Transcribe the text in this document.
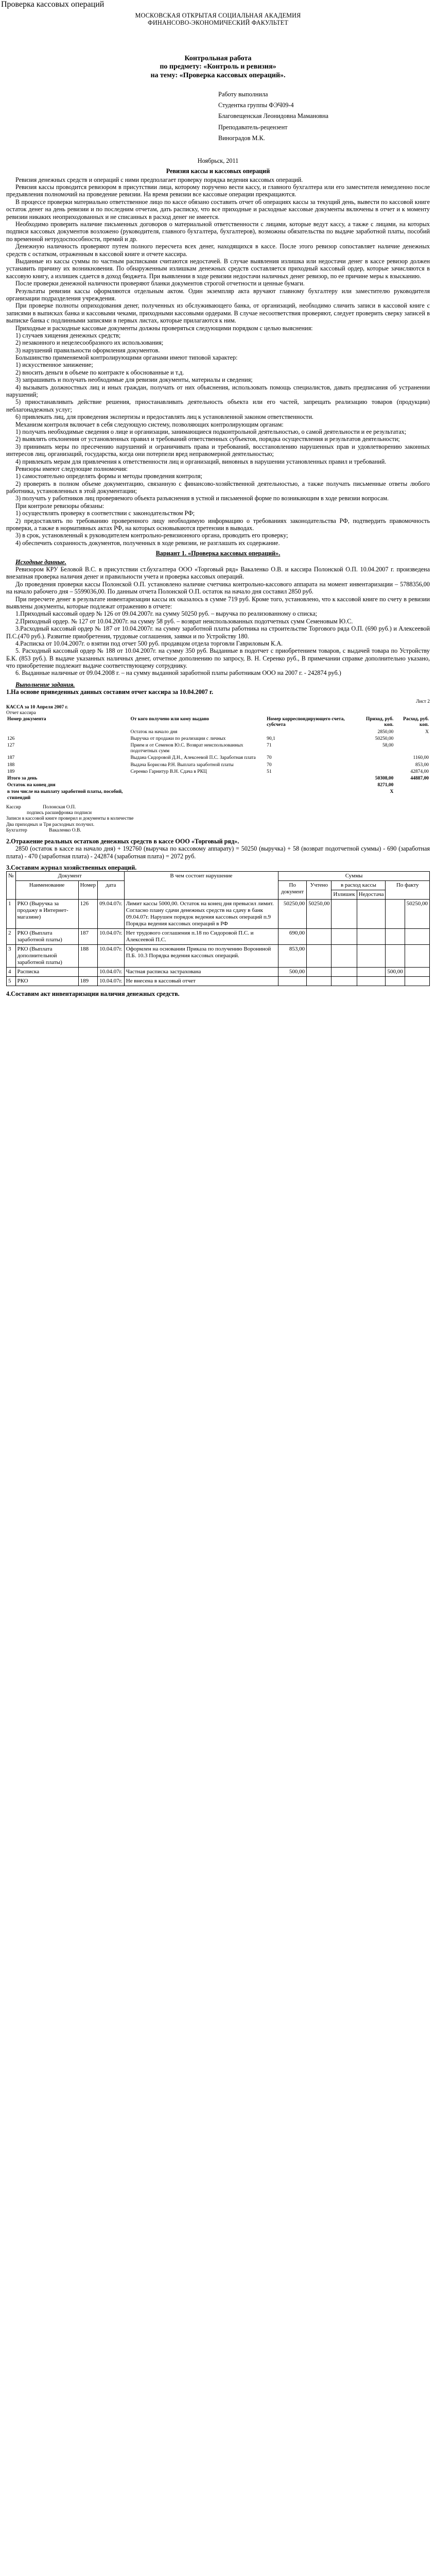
Проверка кассовых операций
МОСКОВСКАЯ ОТКРЫТАЯ СОЦИАЛЬНАЯ АКАДЕМИЯ
ФИНАНСОВО-ЭКОНОМИЧЕСКИЙ ФАКУЛЬТЕТ

Контрольная работа

по предмету: «Контроль и ревизия»

на тему: «Проверка кассовых операций».

Работу выполнила
Студентка группы ФЭЧ09-4
Благовещенская Леонидовна Мамановна
Преподаватель-рецензент
Виноградов М.К.
Ноябрьск, 2011
Ревизия кассы и кассовых операций

Ревизия денежных средств и операций с ними предполагает проверку порядка ведения кассовых операций.

Ревизия кассы проводится ревизором в присутствии лица, которому поручено вести кассу, и главного бухгалтера или его заместителя немедленно после предъявления полномочий на проведение ревизии. На время ревизии все кассовые операции прекращаются.

В процессе проверки материально ответственное лицо по кассе обязано составить отчет об операциях кассы за текущий день, вывести по кассовой книге остаток денег на день ревизии и по последним отчетам, дать расписку, что все приходные и расходные кассовые документы включены в отчет и к моменту ревизии никаких неоприходованных и не списанных в расход денег не имеется.

Необходимо проверить наличие письменных договоров о материальной ответственности с лицами, которые ведут кассу, а также с лицами, на которых подписи кассовых документов возложено (руководителя, главного бухгалтера, бухгалтеров), возможны обязательства по выдаче заработной платы, пособий по временной нетрудоспособности, премий и др.

Денежную наличность проверяют путем полного пересчета всех денег, находящихся в кассе. После этого ревизор сопоставляет наличие денежных средств с остатком, отраженным в кассовой книге и отчете кассира.

Выданные из кассы суммы по частным расписками считаются недостачей. В случае выявления излишка или недостачи денег в кассе ревизор должен устанавить причину их возникновения. По обнаруженным излишкам денежных средств составляется приходный кассовый ордер, которые зачисляются в кассовую книгу, а излишек сдается в доход бюджета. При выявлении в ходе ревизии недостачи наличных денег ревизор, по ее причине меры к взысканию.

После проверки денежной наличности проверяют бланки документов строгой отчетности и ценные бумаги.

Результаты ревизии кассы оформляются отдельным актом. Один экземпляр акта вручают главному бухгалтеру или заместителю руководителя организации подразделения учреждения.

При проверке полноты оприходования денег, полученных из обслуживающего банка, от организаций, необходимо сличить записи в кассовой книге с записями в выписках банка и кассовыми чеками, приходными кассовыми ордерами. В случае несоответствия проверяют, следует проверить сверку записей в выписке банка с подлинными записями в первых листах, которые прилагаются к ним.

Приходные и расходные кассовые документы должны проверяться следующими порядком с целью выяснения:

1) случаев хищения денежных средств;

2) незаконного и нецелесообразного их использования;

3) нарушений правильности оформления документов.

Большинство применяемой контролирующими органами имеют типовой характер:

1) искусственное занижение;

2) вносить деньги в объеме по контракте к обоснованные и т.д.

3) запрашивать и получать необходимые для ревизии документы, материалы и сведения;

4) вызывать должностных лиц и иных граждан, получать от них объяснения, использовать помощь специалистов, давать предписания об устранении нарушений;

5) приостанавливать действие решения, приостанавливать деятельность объекта или его частей, запрещать реализацию товаров (продукции) неблагонадежных услуг;

6) привлекать лиц, для проведения экспертизы и предоставлять лиц к установленной законом ответственности.

Механизм контроля включает в себя следующую систему, позволяющих контролирующим органам:

1) получать необходимые сведения о лице и организации, занимающиеся подконтрольной деятельностью, о самой деятельности и ее результатах;

2) выявлять отклонения от установленных правил и требований ответственных субъектов, порядка осуществления и результатов деятельности;

3) принимать меры по пресечению нарушений и ограничивать права и требований, восстановлению нарушенных прав и удовлетворению законных интересов лиц, организаций, государства, когда они потерпели вред неправомерной деятельностью;

4) привлекать мерам для привлечения к ответственности лиц и организаций, виновных в нарушении установленных правил и требований.

Ревизоры имеют следующие полномочия:

1) самостоятельно определять формы и методы проведения контроля;

2) проверять в полном объеме документацию, связанную с финансово-хозяйственной деятельностью, а также получать письменные ответы любого работника, установленных в этой документации;

3) получать у работников лиц проверяемого объекта разъяснения в устной и письменной форме по возникающим в ходе ревизии вопросам.

При контроле ревизоры обязаны:

1) осуществлять проверку в соответствии с законодательством РФ;

2) предоставлять по требованию проверенного лицу необходимую информацию о требованиях законодательства РФ, подтвердить правомочность проверки, а также в нормативных актах РФ, на которых основываются претензии в выводах.

3) в срок, установленный к руководителем контрольно-ревизионного органа, проводить его проверку;

4) обеспечить сохранность документов, полученных в ходе ревизии, не разглашать их содержание.

Вариант 1. «Проверка кассовых операций».
Исходные данные.

Ревизором КРУ Беловой В.С. в присутствии ст.бухгалтера ООО «Торговый ряд» Вакаленко О.В. и кассира Полонской О.П. 10.04.2007 г. произведена внезапная проверка наличия денег и правильности учета и проверка кассовых операций.

До проведения проверки кассы Полонской О.П. установлено наличие счетчика контрольно-кассового аппарата на момент инвентаризации – 5788356,00 на начало рабочего дня – 5599036,00. По данным отчета Полонской О.П. остаток на начало дня составил 2850 руб.

При пересчете денег в результате инвентаризации кассы их оказалось в сумме 719 руб. Кроме того, установлено, что к кассовой книге по счету в ревизии выявлены документы, которые подлежат отражению в отчете:

1.Приходный кассовый ордер № 126 от 09.04.2007г. на сумму 50250 руб. – выручка по реализованному о списка;

2.Приходный ордер. № 127 от 10.04.2007г. на сумму 58 руб. – возврат неиспользованных подотчетных сумм Семеновым Ю.С.

3.Расходный кассовый ордер № 187 от 10.04.2007г. на сумму заработной платы работника на строительстве Торгового ряда О.П. (690 руб.) и Алексеевой П.С.(470 руб.). Развитие приобретения, трудовые соглашения, заявки и по Устройству 180.

4.Расписка от 10.04.2007г. о взятии под отчет 500 руб. продавцом отдела торговли Гавриловым К.А.

5. Расходный кассовый ордер № 188 от 10.04.2007г. на сумму 350 руб. Выданные в подотчет с приобретением товаров, с выдачей товара по Устройству Б.К. (853 руб.). В выдаче указанных наличных денег, отчетное дополнению по запросу, В. Н. Серенко руб., В примечании справке дополнительно указано, что приобретение подлежит выдаче соответствующему сотруднику.

6. Выданные наличные от 09.04.2008 г. – на сумму выданной заработной платы работникам ООО на 2007 г. - 242874 руб.)

Выполнение задания.
1.На основе приведенных данных составим отчет кассира за 10.04.2007 г.
Лист 2
КАССА за 10 Апреля 2007 г.
Отчет кассира
Номер документа	От кого получено или кому выдано	Номер корреспондирующего счета, субсчета	Приход, руб. коп.	Расход, руб. коп.
	Остаток на начало дня		2850,00	X
126	Выручка от продажи по реализации с личных	90,1	50250,00	
127	Прием и от Семенов Ю.С. Возврат неиспользованных подотчетных сумм	71	58,00	
187	Выдана Сидоровой Д.Н., Алексеевой П.С. Заработная плата	70		1160,00
188	Выдача Борисова Р.Н. Выплата заработной платы	70		853,00
189	Серенко Гарнитур В.Н. Сдача в РКЦ	51		42874,00
Итого за день			50308,00	44887,00
Остаток на конец дня			8271,00	
в том числе на выплату заработной платы, пособий, стипендий			X	
Кассир	Полонская О.П.
подпись расшифровка подписи
Записи в кассовой книге проверил и документы в количестве
Два приходных и Три расходных получил.
Бухгалтер	Вакаленко О.В.
2.Отражение реальных остатков денежных средств в кассе ООО «Торговый ряд».

2850 (остаток в кассе на начало дня) + 192760 (выручка по кассовому аппарату) = 50250 (выручка) + 58 (возврат подотчетной суммы) - 690 (заработная плата) - 470 (заработная плата) - 242874 (заработная плата) = 2072 руб.

3.Составим журнал хозяйственных операций.
№	Документ			В чем состоит нарушение	Суммы					
	Наименование	Номер	дата		По документ	Учтено	в расход кассы		По факту	
							Излишек	Недостача		
1	РКО (Выручка за продажу в Интернет-магазине)	126	09.04.07г.	Лимит кассы 5000,00. Остаток на конец дня превысил лимит. Согласно плану сдачи денежных средств на сдачу в банк 09.04.07г. Нарушен порядок ведения кассовых операций п.9 Порядка ведения кассовых операций в РФ	50250,00	50250,00				50250,00
2	РКО (Выплата заработной платы)	187	10.04.07г.	Нет трудового соглашения п.18 по Сидоровой П.С. и Алексеевой П.С.	690,00					
3	РКО (Выплата дополнительной заработной платы)	188	10.04.07г.	Оформлен на основании Приказа по получению Ворониной П.Б. 10.3 Порядка ведения кассовых операций.	853,00					
4	Расписка		10.04.07г.	Частная расписка застрахована	500,00				500,00	
5	РКО	189	10.04.07г.	Не внесена в кассовый отчет						
4.Составим акт инвентаризации наличия денежных средств.
